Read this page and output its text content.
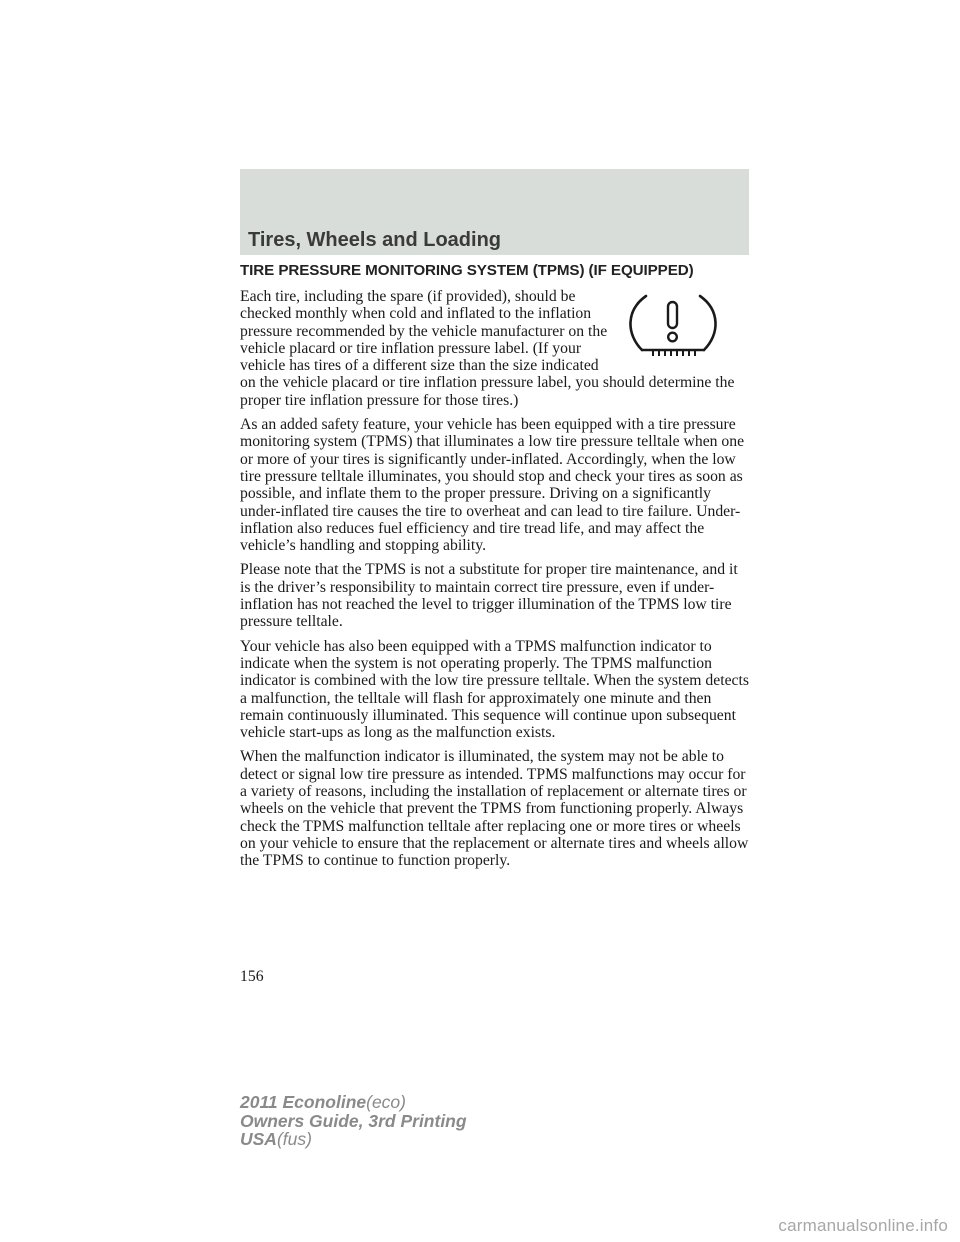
Tires, Wheels and Loading
TIRE PRESSURE MONITORING SYSTEM (TPMS) (IF EQUIPPED)
Each tire, including the spare (if provided), should be checked monthly when cold and inflated to the inflation pressure recommended by the vehicle manufacturer on the vehicle placard or tire inflation pressure label. (If your vehicle has tires of a different size than the size indicated on the vehicle placard or tire inflation pressure label, you should determine the proper tire inflation pressure for those tires.)

As an added safety feature, your vehicle has been equipped with a tire pressure monitoring system (TPMS) that illuminates a low tire pressure telltale when one or more of your tires is significantly under-inflated. Accordingly, when the low tire pressure telltale illuminates, you should stop and check your tires as soon as possible, and inflate them to the proper pressure. Driving on a significantly under-inflated tire causes the tire to overheat and can lead to tire failure. Under-inflation also reduces fuel efficiency and tire tread life, and may affect the vehicle’s handling and stopping ability.

Please note that the TPMS is not a substitute for proper tire maintenance, and it is the driver’s responsibility to maintain correct tire pressure, even if under-inflation has not reached the level to trigger illumination of the TPMS low tire pressure telltale.

Your vehicle has also been equipped with a TPMS malfunction indicator to indicate when the system is not operating properly. The TPMS malfunction indicator is combined with the low tire pressure telltale. When the system detects a malfunction, the telltale will flash for approximately one minute and then remain continuously illuminated. This sequence will continue upon subsequent vehicle start-ups as long as the malfunction exists.

When the malfunction indicator is illuminated, the system may not be able to detect or signal low tire pressure as intended. TPMS malfunctions may occur for a variety of reasons, including the installation of replacement or alternate tires or wheels on the vehicle that prevent the TPMS from functioning properly. Always check the TPMS malfunction telltale after replacing one or more tires or wheels on your vehicle to ensure that the replacement or alternate tires and wheels allow the TPMS to continue to function properly.

156

2011 Econoline(eco)

Owners Guide, 3rd Printing

USA(fus)

carmanualsonline.info
